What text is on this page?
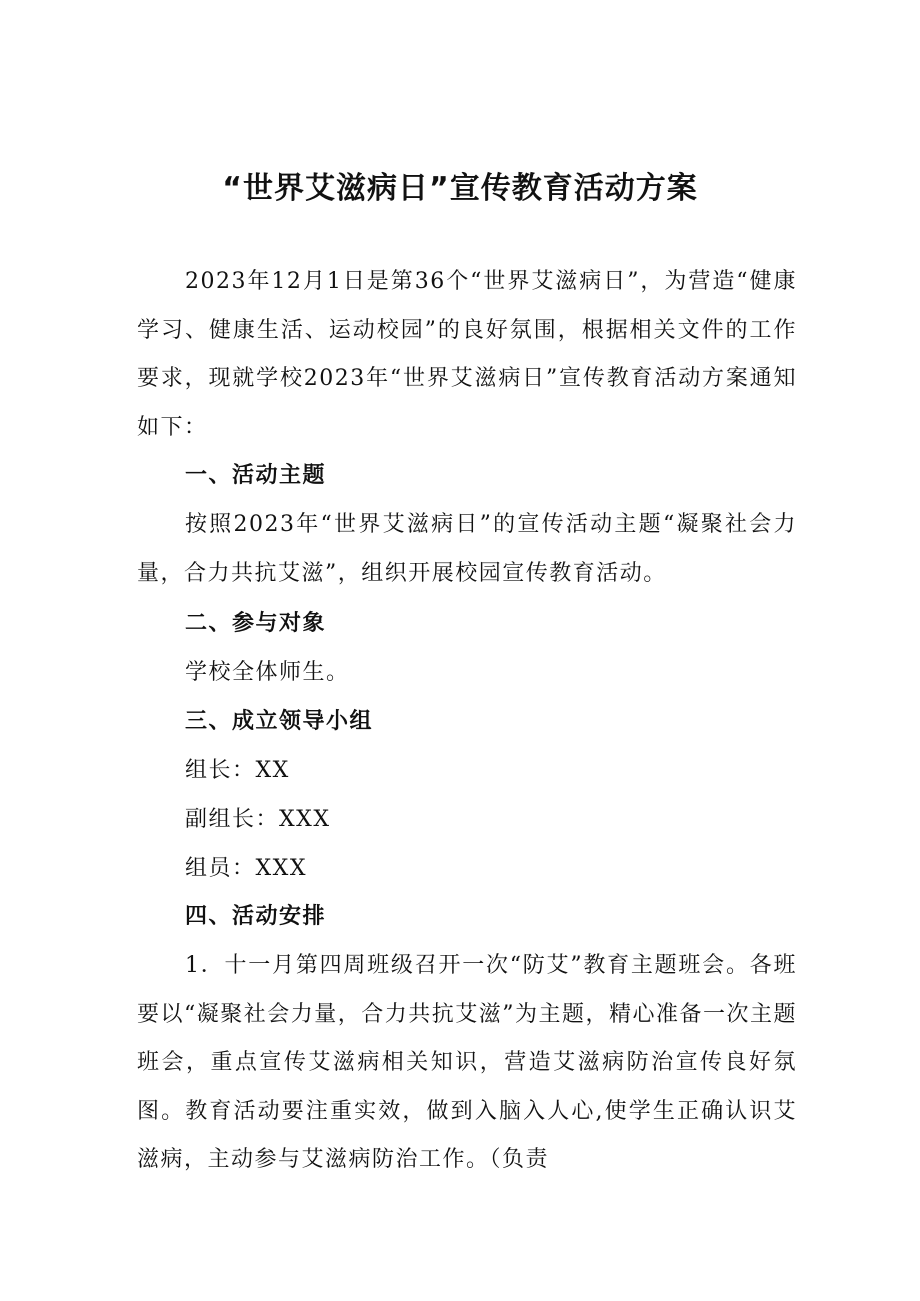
“世界艾滋病日”宣传教育活动方案

2023年12月1日是第36个“世界艾滋病日”，为营造“健康学习、健康生活、运动校园”的良好氛围，根据相关文件的工作要求，现就学校2023年“世界艾滋病日”宣传教育活动方案通知如下：

一、活动主题

按照2023年“世界艾滋病日”的宣传活动主题“凝聚社会力量，合力共抗艾滋”，组织开展校园宣传教育活动。

二、参与对象

学校全体师生。

三、成立领导小组

组长：XX

副组长：XXX

组员：XXX

四、活动安排

1．十一月第四周班级召开一次“防艾”教育主题班会。各班要以“凝聚社会力量，合力共抗艾滋”为主题，精心准备一次主题班会，重点宣传艾滋病相关知识，营造艾滋病防治宣传良好氛图。教育活动要注重实效，做到入脑入人心,使学生正确认识艾滋病，主动参与艾滋病防治工作。（负责
